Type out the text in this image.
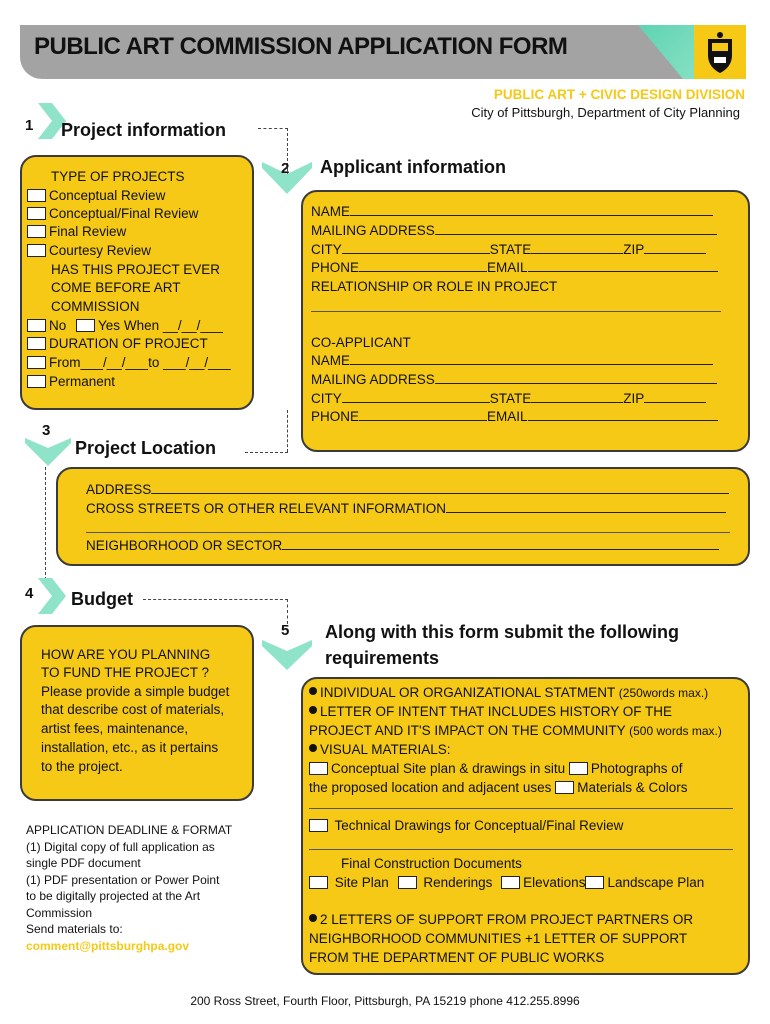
PUBLIC ART COMMISSION APPLICATION FORM
PUBLIC ART + CIVIC DESIGN DIVISION
City of Pittsburgh, Department of City Planning
1 Project information
TYPE OF PROJECTS
Conceptual Review
Conceptual/Final Review
Final Review
Courtesy Review
HAS THIS PROJECT EVER
COME BEFORE ART
COMMISSION
No Yes When __/__/___
DURATION OF PROJECT
From___/__/___to ___/__/___
Permanent
2 Applicant information
NAME
MAILING ADDRESS
CITY	STATE	ZIP
PHONE	EMAIL
RELATIONSHIP OR ROLE IN PROJECT
CO-APPLICANT
NAME
MAILING ADDRESS
CITY	STATE	ZIP
PHONE	EMAIL
3
Project Location
ADDRESS
CROSS STREETS OR OTHER RELEVANT INFORMATION
NEIGHBORHOOD OR SECTOR
4 Budget
HOW ARE YOU PLANNING
TO FUND THE PROJECT ?
Please provide a simple budget
that describe cost of materials,
artist fees, maintenance,
installation, etc., as it pertains
to the project.
APPLICATION DEADLINE & FORMAT
(1) Digital copy of full application as
single PDF document
(1) PDF presentation or Power Point
to be digitally projected at the Art
Commission
Send materials to:
comment@pittsburghpa.gov
5 Along with this form submit the following
requirements
INDIVIDUAL OR ORGANIZATIONAL STATMENT (250words max.)
LETTER OF INTENT THAT INCLUDES HISTORY OF THE
PROJECT AND IT'S IMPACT ON THE COMMUNITY (500 words max.)
VISUAL MATERIALS:
Conceptual Site plan & drawings in situ Photographs of
the proposed location and adjacent uses Materials & Colors
Technical Drawings for Conceptual/Final Review
Final Construction Documents
Site Plan	Renderings Elevations Landscape Plan
2 LETTERS OF SUPPORT FROM PROJECT PARTNERS OR
NEIGHBORHOOD COMMUNITIES +1 LETTER OF SUPPORT
FROM THE DEPARTMENT OF PUBLIC WORKS
200 Ross Street, Fourth Floor, Pittsburgh, PA 15219 phone 412.255.8996
